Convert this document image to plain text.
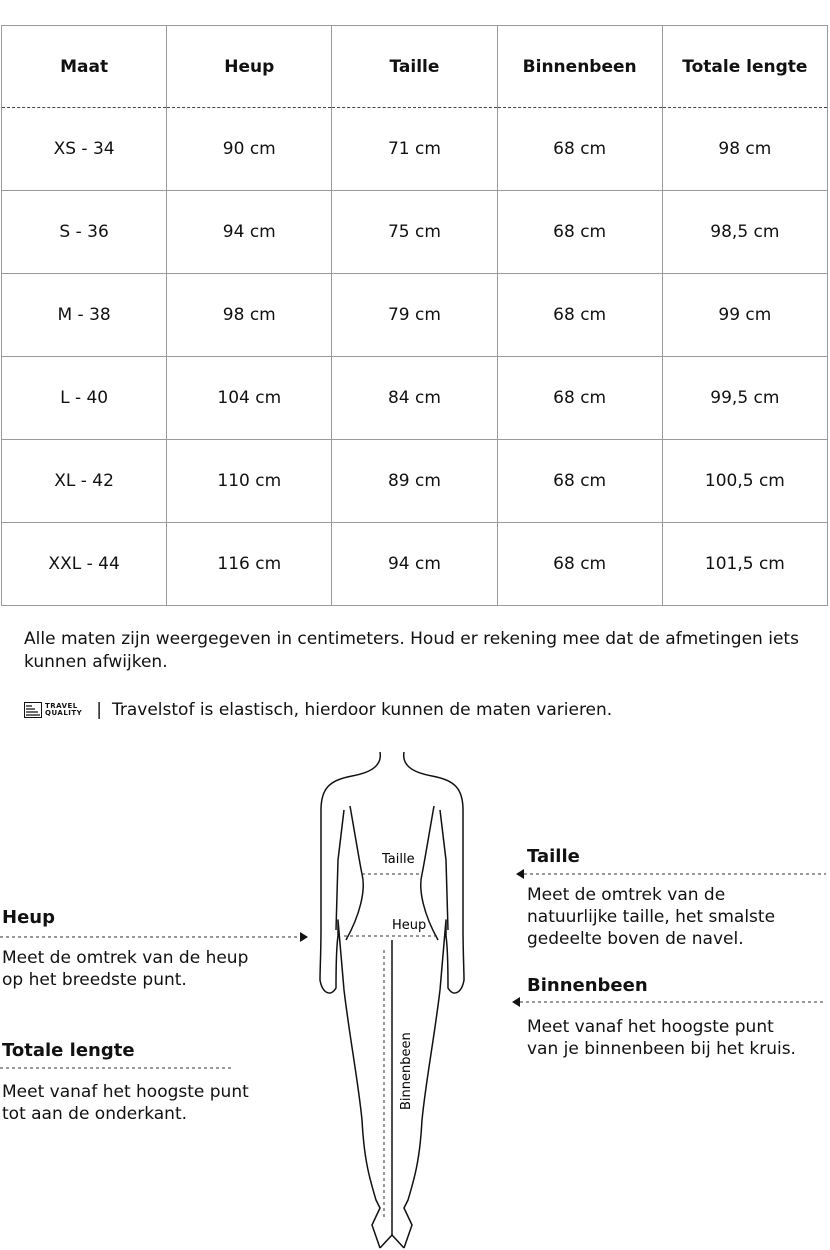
Maat	Heup	Taille	Binnenbeen	Totale lengte
XS - 34	90 cm	71 cm	68 cm	98 cm
S - 36	94 cm	75 cm	68 cm	98,5 cm
M - 38	98 cm	79 cm	68 cm	99 cm
L - 40	104 cm	84 cm	68 cm	99,5 cm
XL - 42	110 cm	89 cm	68 cm	100,5 cm
XXL - 44	116 cm	94 cm	68 cm	101,5 cm
Alle maten zijn weergegeven in centimeters. Houd er rekening mee dat de afmetingen iets kunnen afwijken.
TRAVEL
QUALITY | Travelstof is elastisch, hierdoor kunnen de maten varieren.
Taille
Heup
Binnenbeen
Heup
Meet de omtrek van de heup
op het breedste punt.
Totale lengte
Meet vanaf het hoogste punt
tot aan de onderkant.
Taille
Meet de omtrek van de
natuurlijke taille, het smalste
gedeelte boven de navel.
Binnenbeen
Meet vanaf het hoogste punt
van je binnenbeen bij het kruis.
